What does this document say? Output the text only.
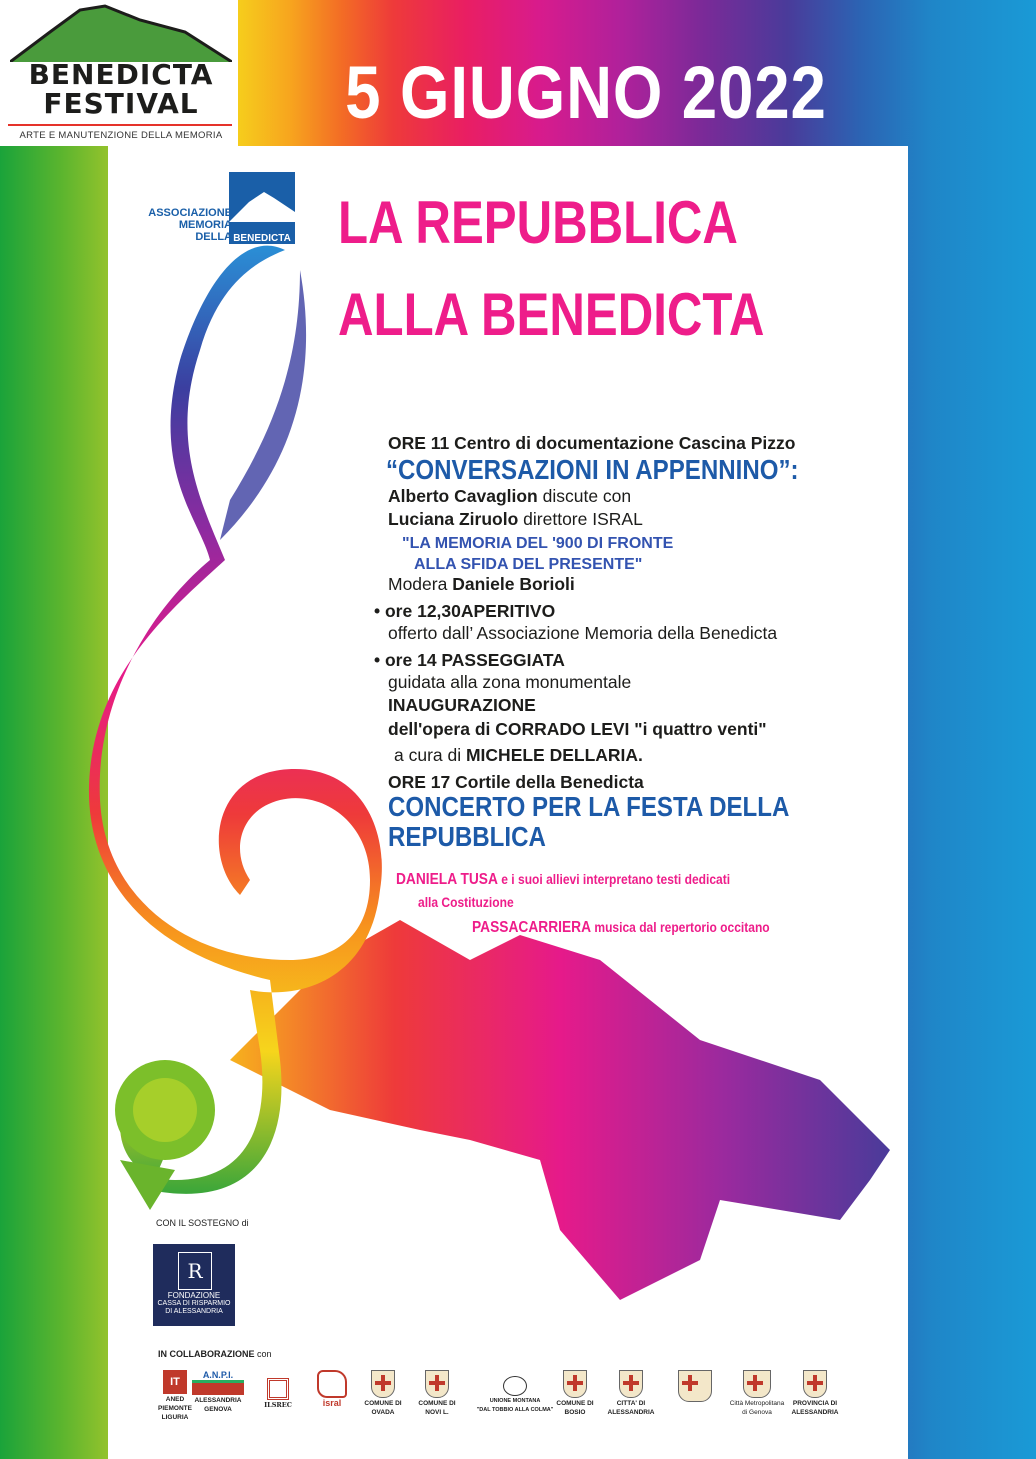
BENEDICTA
FESTIVAL
ARTE E MANUTENZIONE DELLA MEMORIA
5 GIUGNO 2022
ASSOCIAZIONE
MEMORIA
DELLA BENEDICTA LA REPUBBLICA
ALLA BENEDICTA
ORE 11 Centro di documentazione Cascina Pizzo
“CONVERSAZIONI IN APPENNINO”:
Alberto Cavaglion discute con
Luciana Ziruolo direttore ISRAL
"LA MEMORIA DEL '900 DI FRONTE
ALLA SFIDA DEL PRESENTE"
Modera Daniele Borioli
• ore 12,30APERITIVO
offerto dall’ Associazione Memoria della Benedicta
• ore 14 PASSEGGIATA
guidata alla zona monumentale
INAUGURAZIONE
dell'opera di CORRADO LEVI "i quattro venti"
a cura di MICHELE DELLARIA.
ORE 17 Cortile della Benedicta
CONCERTO PER LA FESTA DELLA
REPUBBLICA
DANIELA TUSA e i suoi allievi interpretano testi dedicati
alla Costituzione
PASSACARRIERA musica dal repertorio occitano
CON IL SOSTEGNO di
R
FONDAZIONE
CASSA DI RISPARMIO
DI ALESSANDRIA
IN COLLABORAZIONE con
IT
ANED
PIEMONTE
LIGURIA
A.N.P.I.
ALESSANDRIA
GENOVA
ILSREC	isral	COMUNE DI
OVADA
COMUNE DI
NOVI L.
UNIONE MONTANA
"DAL TOBBIO ALLA COLMA"
COMUNE DI
BOSIO
CITTA' DI
ALESSANDRIA
Città Metropolitana
di Genova
PROVINCIA DI
ALESSANDRIA
